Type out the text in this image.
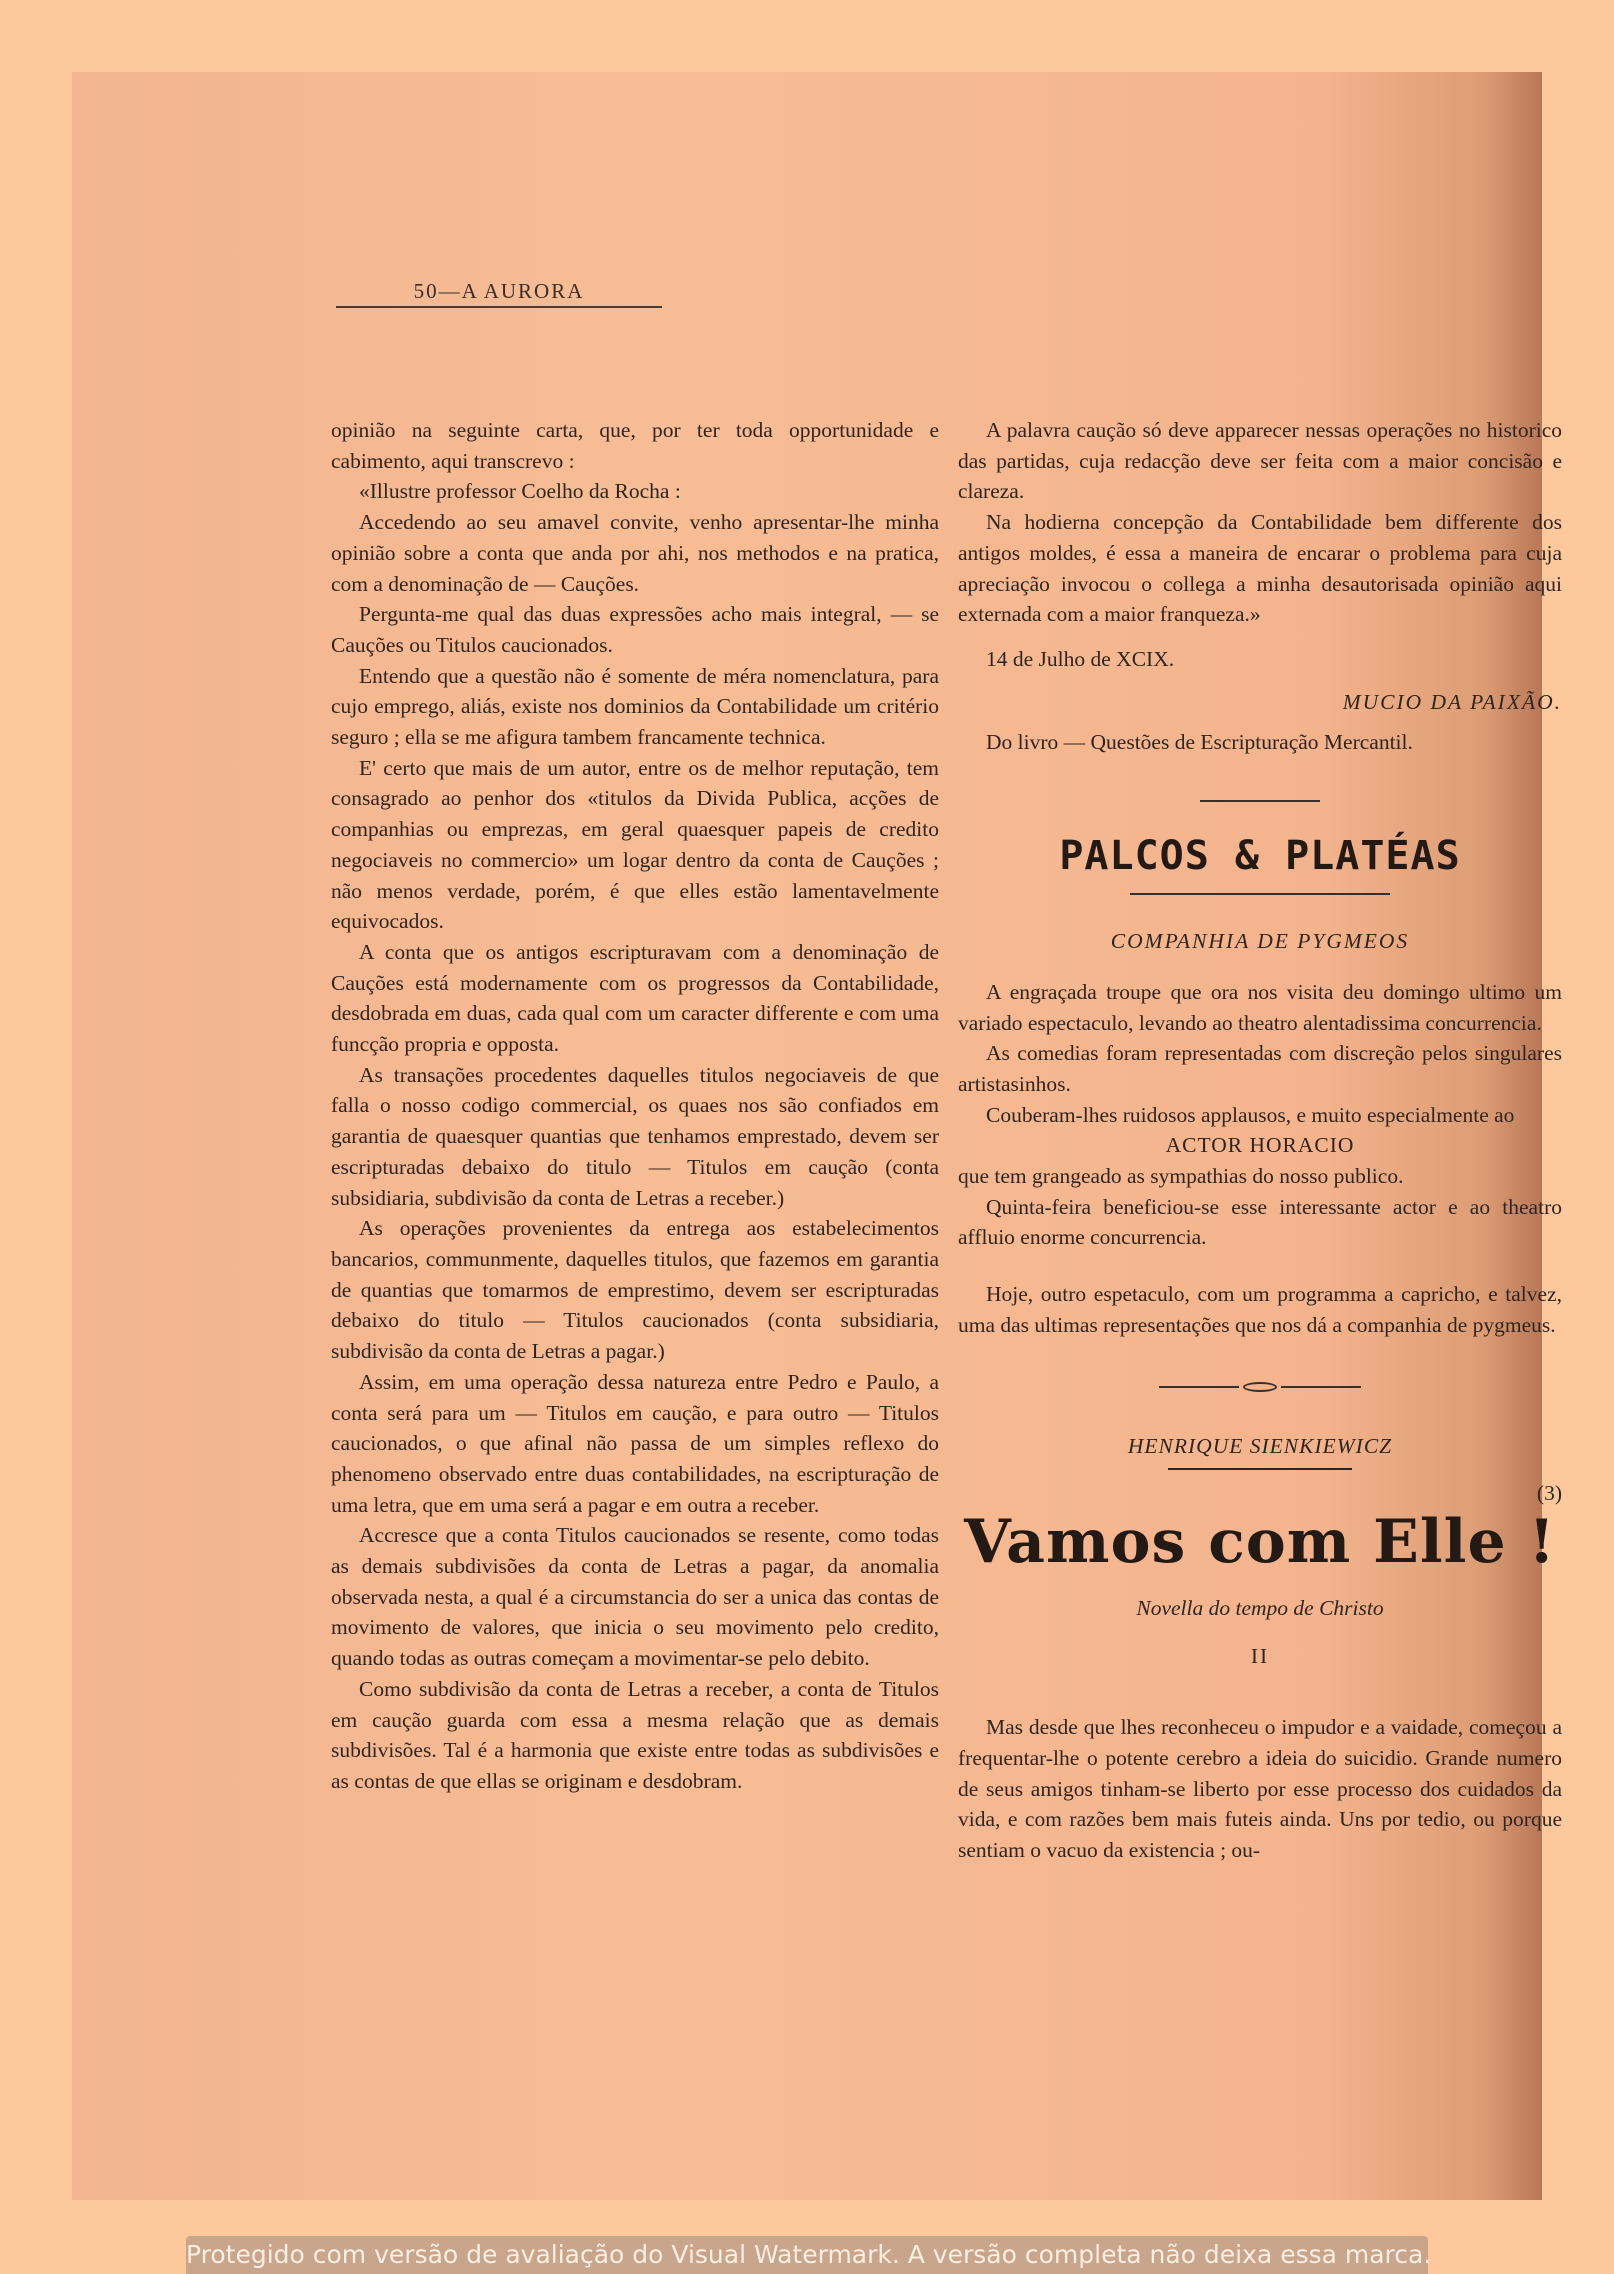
50—A AURORA

opinião na seguinte carta, que, por ter toda opportunidade e cabimento, aqui transcrevo :

«Illustre professor Coelho da Rocha :

Accedendo ao seu amavel convite, venho apresentar-lhe minha opinião sobre a conta que anda por ahi, nos methodos e na pratica, com a denominação de — Cauções.

Pergunta-me qual das duas expressões acho mais integral, — se Cauções ou Titulos caucionados.

Entendo que a questão não é somente de méra nomenclatura, para cujo emprego, aliás, existe nos dominios da Contabilidade um critério seguro ; ella se me afigura tambem francamente technica.

E' certo que mais de um autor, entre os de melhor reputação, tem consagrado ao penhor dos «titulos da Divida Publica, acções de companhias ou emprezas, em geral quaesquer papeis de credito negociaveis no commercio» um logar dentro da conta de Cauções ; não menos verdade, porém, é que elles estão lamentavelmente equivocados.

A conta que os antigos escripturavam com a denominação de Cauções está modernamente com os progressos da Contabilidade, desdobrada em duas, cada qual com um caracter differente e com uma funcção propria e opposta.

As transações procedentes daquelles titulos negociaveis de que falla o nosso codigo commercial, os quaes nos são confiados em garantia de quaesquer quantias que tenhamos emprestado, devem ser escripturadas debaixo do titulo — Titulos em caução (conta subsidiaria, subdivisão da conta de Letras a receber.)

As operações provenientes da entrega aos estabelecimentos bancarios, communmente, daquelles titulos, que fazemos em garantia de quantias que tomarmos de emprestimo, devem ser escripturadas debaixo do titulo — Titulos caucionados (conta subsidiaria, subdivisão da conta de Letras a pagar.)

Assim, em uma operação dessa natureza entre Pedro e Paulo, a conta será para um — Titulos em caução, e para outro — Titulos caucionados, o que afinal não passa de um simples reflexo do phenomeno observado entre duas contabilidades, na escripturação de uma letra, que em uma será a pagar e em outra a receber.

Accresce que a conta Titulos caucionados se resente, como todas as demais subdivisões da conta de Letras a pagar, da anomalia observada nesta, a qual é a circumstancia do ser a unica das contas de movimento de valores, que inicia o seu movimento pelo credito, quando todas as outras começam a movimentar-se pelo debito.

Como subdivisão da conta de Letras a receber, a conta de Titulos em caução guarda com essa a mesma relação que as demais subdivisões. Tal é a harmonia que existe entre todas as subdivisões e as contas de que ellas se originam e desdobram.

A palavra caução só deve apparecer nessas operações no historico das partidas, cuja redacção deve ser feita com a maior concisão e clareza.

Na hodierna concepção da Contabilidade bem differente dos antigos moldes, é essa a maneira de encarar o problema para cuja apreciação invocou o collega a minha desautorisada opinião aqui externada com a maior franqueza.»

14 de Julho de XCIX.

MUCIO DA PAIXÃO.

Do livro — Questões de Escripturação Mercantil.

PALCOS & PLATÉAS
COMPANHIA DE PYGMEOS

A engraçada troupe que ora nos visita deu domingo ultimo um variado espectaculo, levando ao theatro alentadissima concurrencia.

As comedias foram representadas com discreção pelos singulares artistasinhos.

Couberam-lhes ruidosos applausos, e muito especialmente ao

ACTOR HORACIO

que tem grangeado as sympathias do nosso publico.

Quinta-feira beneficiou-se esse interessante actor e ao theatro affluio enorme concurrencia.

Hoje, outro espetaculo, com um programma a capricho, e talvez, uma das ultimas representações que nos dá a companhia de pygmeus.

HENRIQUE SIENKIEWICZ
(3)
Vamos com Elle !
Novella do tempo de Christo
II

Mas desde que lhes reconheceu o impudor e a vaidade, começou a frequentar-lhe o potente cerebro a ideia do suicidio. Grande numero de seus amigos tinham-se liberto por esse processo dos cuidados da vida, e com razões bem mais futeis ainda. Uns por tedio, ou porque sentiam o vacuo da existencia ; ou-

Protegido com versão de avaliação do Visual Watermark. A versão completa não deixa essa marca.
